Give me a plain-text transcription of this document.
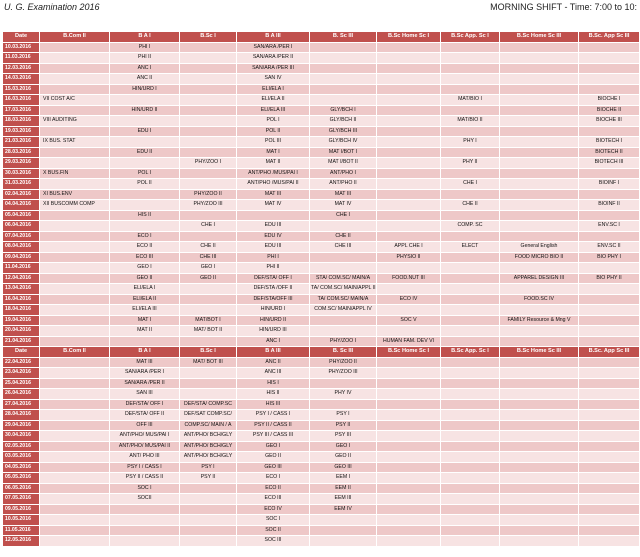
U. G. Examination 2016	MORNING SHIFT - Time: 7:00 to 10:
Date	B.Com II	B A I	B.Sc I	B A III	B. Sc III	B.Sc Home Sc I	B.Sc App. Sc I	B.Sc Home Sc III	B.Sc. App Sc III
10.03.2016		PHI I		SAN/ARA /PER I					
11.03.2016		PHI II		SAN/ARA /PER II					
12.03.2016		ANC I		SAN/ARA /PER III					
14.03.2016		ANC II		SAN IV					
15.03.2016		HIN/URD I		ELI/ELA I					
16.03.2016	VII COST A/C			ELI/ELA II			MAT/BIO I		BIOCHE I
17.03.2016		HIN/URD II		ELI/ELA III	GLY/BCH I				BIOCHE II
18.03.2016	VIII AUDITING			POL I	GLY/BCH II		MAT/BIO II		BIOCHE III
19.03.2016		EDU I		POL II	GLY/BCH III				
21.03.2016	IX BUS. STAT			POL III	GLY/BCH IV		PHY I		BIOTECH I
28.03.2016		EDU II		MAT I	MAT I/BOT I				BIOTECH II
29.03.2016			PHY/ZOO I	MAT II	MAT I/BOT II		PHY II		BIOTECH III
30.03.2016	X BUS.FIN	POL I		ANT/PHO /MUS/PAI I	ANT/PHO I				
31.03.2016		POL II		ANT/PHO /MUS/PAI II	ANT/PHO II		CHE I		BIOINF I
02.04.2016	XI BUS.ENV		PHY/ZOO II	MAT III	MAT III				
04.04.2016	XII BUSCOMM COMP		PHY/ZOO III	MAT IV	MAT IV		CHE II		BIOINF II
05.04.2016		HIS II			CHE I				
06.04.2016			CHE I	EDU III			COMP. SC		ENV.SC I
07.04.2016		ECO I		EDU IV	CHE II				
08.04.2016		ECO II	CHE II	EDU III	CHE III	APPL CHE I	ELECT	General English	ENV.SC II
09.04.2016		ECO III	CHE III	PHI I		PHYSIO II		FOOD MICRO BIO II	BIO PHY I
11.04.2016		GEO I	GEO I	PHI II					
12.04.2016		GEO II	GEO II	DEF/STA/ OFF I	STA/ COM.SC/ MAIN/A	FOOD.NUT III		APPAREL DESIGN III	BIO PHY II
13.04.2016		ELI/ELA I		DEF/STA /OFF II	TA/ COM.SC/ MAIN/APPL II				
16.04.2016		ELI/ELA II		DEF/STA/OFF III	TA/ COM.SC/ MAIN/A	ECO IV		FOOD.SC IV	
18.04.2016		ELI/ELA III		HIN/URD I	COM.SC/ MAIN/APPL IV				
19.04.2016		MAT I	MAT/BOT I	HIN/URD II		SOC V		FAMILY Resource & Mng V	
20.04.2016		MAT II	MAT/ BOT II	HIN/URD III					
21.04.2016				ANC I	PHY/ZOO I	HUMAN FAM. DEV VI			
Date	B.Com II	B A I	B.Sc I	B A III	B. Sc III	B.Sc Home Sc I	B.Sc App. Sc I	B.Sc Home Sc III	B.Sc. App Sc III
22.04.2016		MAT III	MAT/ BOT III	ANC II	PHY/ZOO II				
23.04.2016		SAN/ARA /PER I		ANC III	PHY/ZOO III				
25.04.2016		SAN/ARA /PER II		HIS I					
26.04.2016		SAN III		HIS II	PHY IV				
27.04.2016		DEF/STA/ OFF I	DEF/STA/ COMP.SC	HIS III					
28.04.2016		DEF/STA/ OFF II	DEF/SAT COMP.SC/	PSY I / CASS I	PSY I				
29.04.2016		OFF III	COMP.SC/ MAIN / A	PSY II / CASS II	PSY II				
30.04.2016		ANT/PHO/ MUS/PAI I	ANT/PHO/ BCH/GLY	PSY III / CASS III	PSY III				
02.05.2016		ANT/PHO/ MUS/PAI II	ANT/PHO/ BCH/GLY	GEO I	GEO I				
03.05.2016		ANT/ PHO III	ANT/PHO/ BCH/GLY	GEO II	GEO II				
04.05.2016		PSY I / CASS I	PSY I	GEO III	GEO III				
05.05.2016		PSY II / CASS II	PSY II	ECO I	EEM I				
06.05.2016		SOC I		ECO II	EEM II				
07.05.2016		SOCII		ECO III	EEM III				
09.05.2016				ECO IV	EEM IV				
10.05.2016				SOC I					
11.05.2016				SOC II					
12.05.2016				SOC III					
